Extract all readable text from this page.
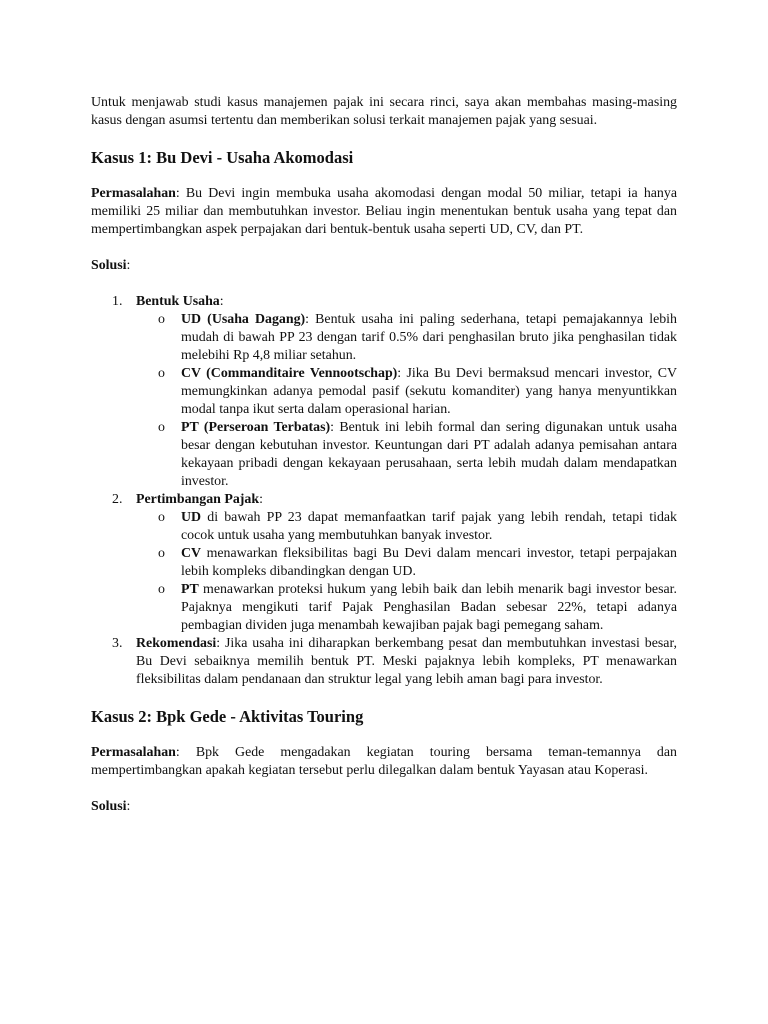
Untuk menjawab studi kasus manajemen pajak ini secara rinci, saya akan membahas masing-masing kasus dengan asumsi tertentu dan memberikan solusi terkait manajemen pajak yang sesuai.

Kasus 1: Bu Devi - Usaha Akomodasi

Permasalahan: Bu Devi ingin membuka usaha akomodasi dengan modal 50 miliar, tetapi ia hanya memiliki 25 miliar dan membutuhkan investor. Beliau ingin menentukan bentuk usaha yang tepat dan mempertimbangkan aspek perpajakan dari bentuk-bentuk usaha seperti UD, CV, dan PT.

Solusi:

1. Bentuk Usaha:
o UD (Usaha Dagang): Bentuk usaha ini paling sederhana, tetapi pemajakannya lebih mudah di bawah PP 23 dengan tarif 0.5% dari penghasilan bruto jika penghasilan tidak melebihi Rp 4,8 miliar setahun.
o CV (Commanditaire Vennootschap): Jika Bu Devi bermaksud mencari investor, CV memungkinkan adanya pemodal pasif (sekutu komanditer) yang hanya menyuntikkan modal tanpa ikut serta dalam operasional harian.
o PT (Perseroan Terbatas): Bentuk ini lebih formal dan sering digunakan untuk usaha besar dengan kebutuhan investor. Keuntungan dari PT adalah adanya pemisahan antara kekayaan pribadi dengan kekayaan perusahaan, serta lebih mudah dalam mendapatkan investor.
2. Pertimbangan Pajak:
o UD di bawah PP 23 dapat memanfaatkan tarif pajak yang lebih rendah, tetapi tidak cocok untuk usaha yang membutuhkan banyak investor.
o CV menawarkan fleksibilitas bagi Bu Devi dalam mencari investor, tetapi perpajakan lebih kompleks dibandingkan dengan UD.
o PT menawarkan proteksi hukum yang lebih baik dan lebih menarik bagi investor besar. Pajaknya mengikuti tarif Pajak Penghasilan Badan sebesar 22%, tetapi adanya pembagian dividen juga menambah kewajiban pajak bagi pemegang saham.
3. Rekomendasi: Jika usaha ini diharapkan berkembang pesat dan membutuhkan investasi besar, Bu Devi sebaiknya memilih bentuk PT. Meski pajaknya lebih kompleks, PT menawarkan fleksibilitas dalam pendanaan dan struktur legal yang lebih aman bagi para investor.
Kasus 2: Bpk Gede - Aktivitas Touring

Permasalahan: Bpk Gede mengadakan kegiatan touring bersama teman-temannya dan mempertimbangkan apakah kegiatan tersebut perlu dilegalkan dalam bentuk Yayasan atau Koperasi.

Solusi:
